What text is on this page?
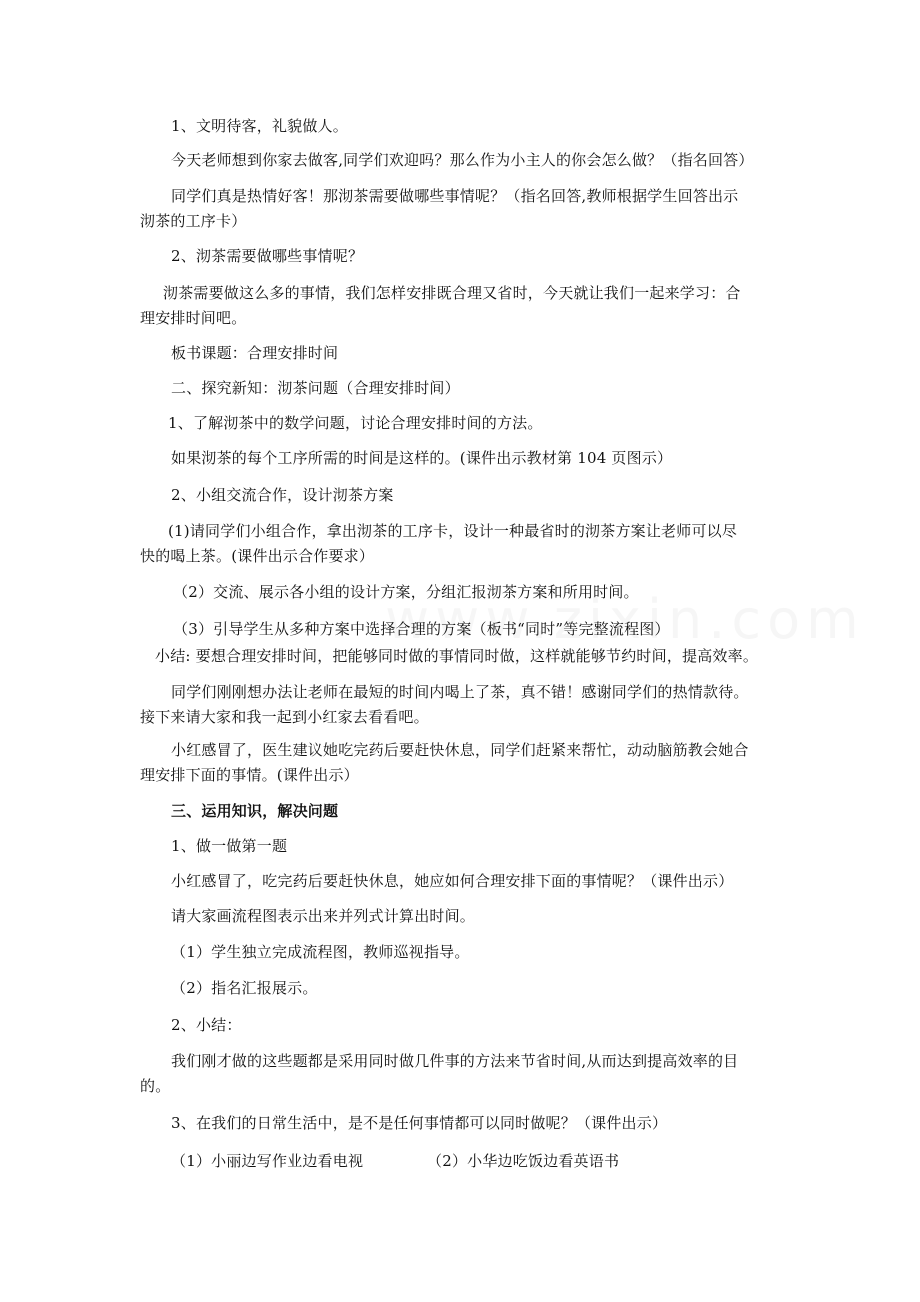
1、文明待客，礼貌做人。
今天老师想到你家去做客,同学们欢迎吗？那么作为小主人的你会怎么做？（指名回答）
同学们真是热情好客！那沏茶需要做哪些事情呢？（指名回答,教师根据学生回答出示
沏茶的工序卡）
2、沏茶需要做哪些事情呢？
沏茶需要做这么多的事情，我们怎样安排既合理又省时，今天就让我们一起来学习：合
理安排时间吧。
板书课题：合理安排时间
二、探究新知：沏茶问题（合理安排时间）
1、了解沏茶中的数学问题，讨论合理安排时间的方法。
如果沏茶的每个工序所需的时间是这样的。(课件出示教材第 104 页图示）
2、小组交流合作，设计沏茶方案
(1)请同学们小组合作，拿出沏茶的工序卡，设计一种最省时的沏茶方案让老师可以尽
快的喝上茶。(课件出示合作要求）
（2）交流、展示各小组的设计方案，分组汇报沏茶方案和所用时间。
（3）引导学生从多种方案中选择合理的方案（板书“同时”等完整流程图）
小结: 要想合理安排时间，把能够同时做的事情同时做，这样就能够节约时间，提高效率。
同学们刚刚想办法让老师在最短的时间内喝上了茶，真不错！感谢同学们的热情款待。
接下来请大家和我一起到小红家去看看吧。
小红感冒了，医生建议她吃完药后要赶快休息，同学们赶紧来帮忙，动动脑筋教会她合
理安排下面的事情。(课件出示）
三、运用知识，解决问题
1、做一做第一题
小红感冒了，吃完药后要赶快休息，她应如何合理安排下面的事情呢？（课件出示）
请大家画流程图表示出来并列式计算出时间。
（1）学生独立完成流程图，教师巡视指导。
（2）指名汇报展示。
2、小结：
我们刚才做的这些题都是采用同时做几件事的方法来节省时间,从而达到提高效率的目
的。
3、在我们的日常生活中，是不是任何事情都可以同时做呢？（课件出示）
（1）小丽边写作业边看电视	（2）小华边吃饭边看英语书
